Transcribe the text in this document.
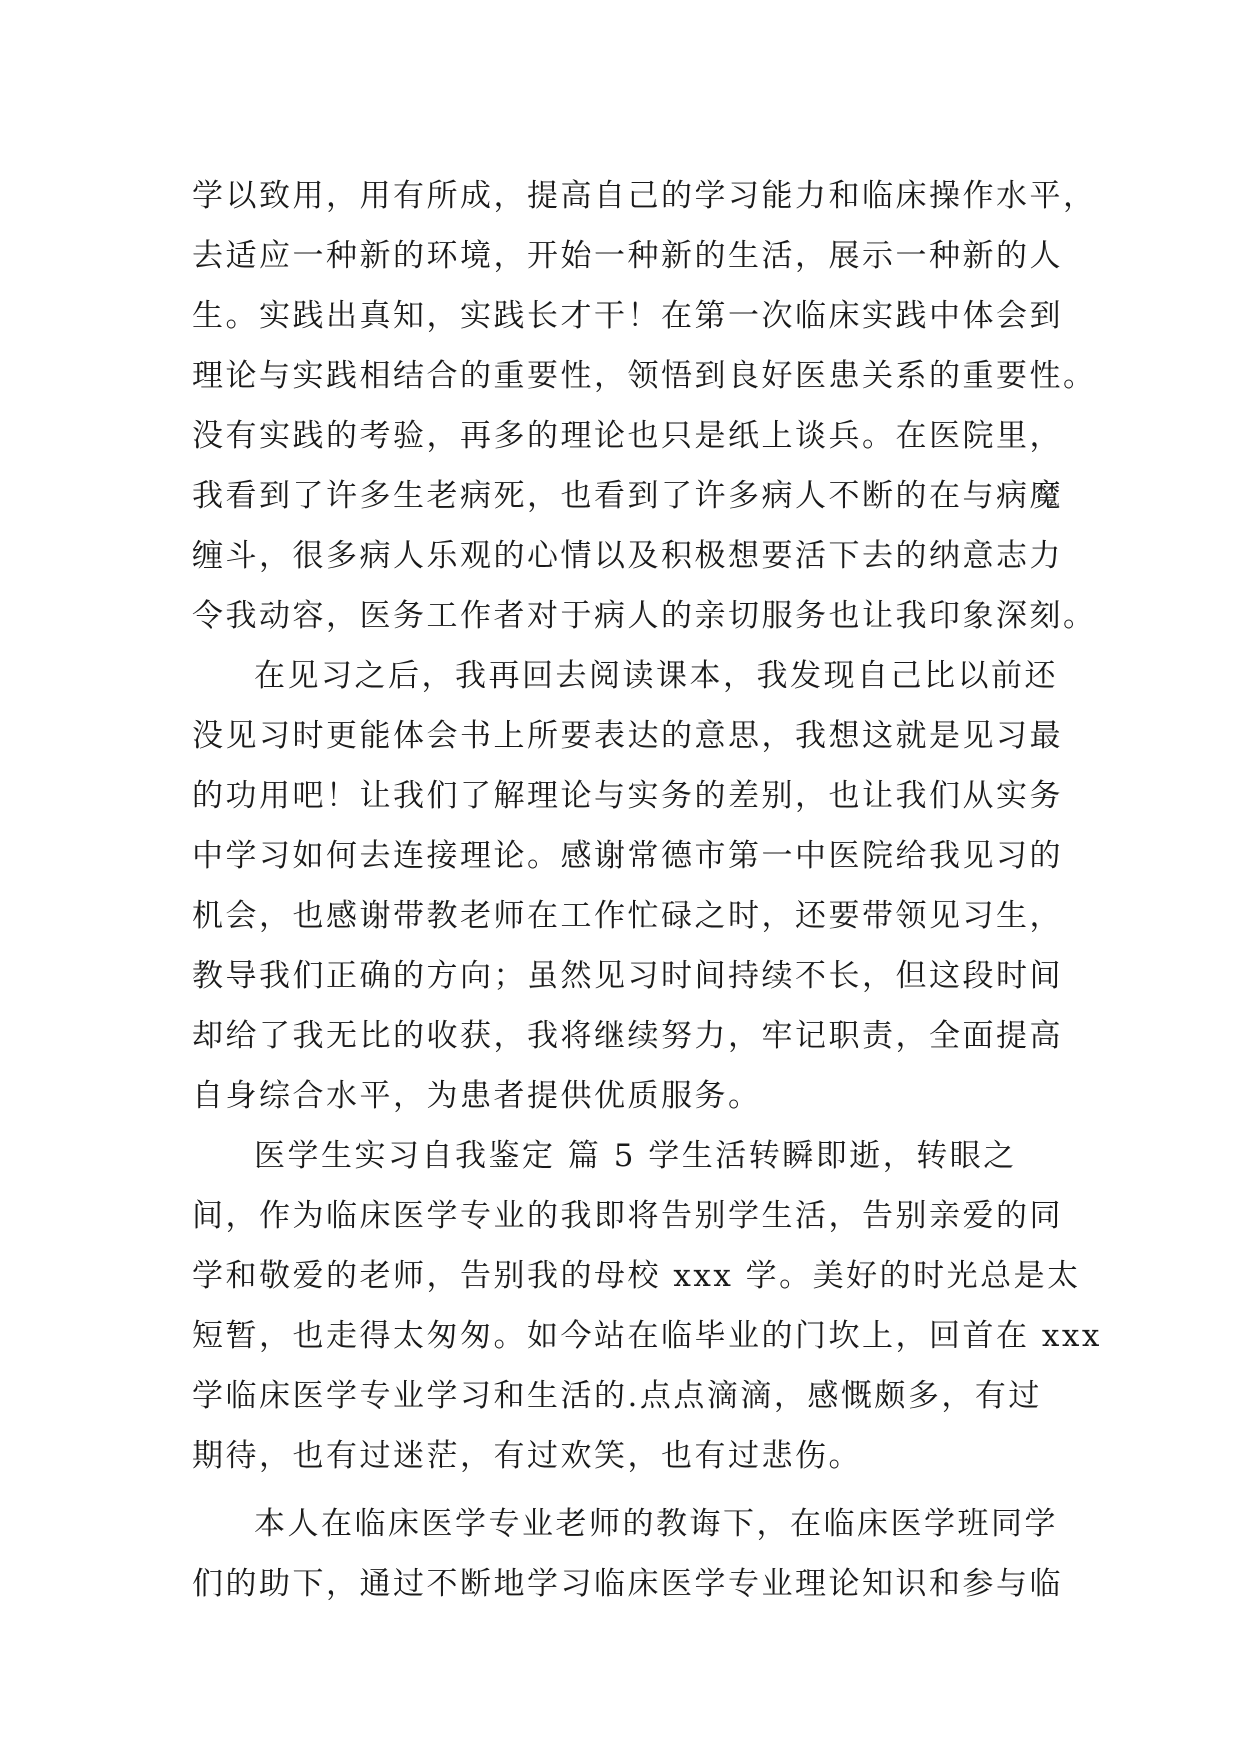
学以致用，用有所成，提高自己的学习能力和临床操作水平，
去适应一种新的环境，开始一种新的生活，展示一种新的人
生。实践出真知，实践长才干！在第一次临床实践中体会到
理论与实践相结合的重要性，领悟到良好医患关系的重要性。
没有实践的考验，再多的理论也只是纸上谈兵。在医院里，
我看到了许多生老病死，也看到了许多病人不断的在与病魔
缠斗，很多病人乐观的心情以及积极想要活下去的纳意志力
令我动容，医务工作者对于病人的亲切服务也让我印象深刻。
在见习之后，我再回去阅读课本，我发现自己比以前还
没见习时更能体会书上所要表达的意思，我想这就是见习最
的功用吧！让我们了解理论与实务的差别，也让我们从实务
中学习如何去连接理论。感谢常德市第一中医院给我见习的
机会，也感谢带教老师在工作忙碌之时，还要带领见习生，
教导我们正确的方向；虽然见习时间持续不长，但这段时间
却给了我无比的收获，我将继续努力，牢记职责，全面提高
自身综合水平，为患者提供优质服务。
医学生实习自我鉴定 篇 5 学生活转瞬即逝，转眼之
间，作为临床医学专业的我即将告别学生活，告别亲爱的同
学和敬爱的老师，告别我的母校 xxx 学。美好的时光总是太
短暂，也走得太匆匆。如今站在临毕业的门坎上，回首在 xxx
学临床医学专业学习和生活的.点点滴滴，感慨颇多，有过
期待，也有过迷茫，有过欢笑，也有过悲伤。
本人在临床医学专业老师的教诲下，在临床医学班同学
们的助下，通过不断地学习临床医学专业理论知识和参与临
